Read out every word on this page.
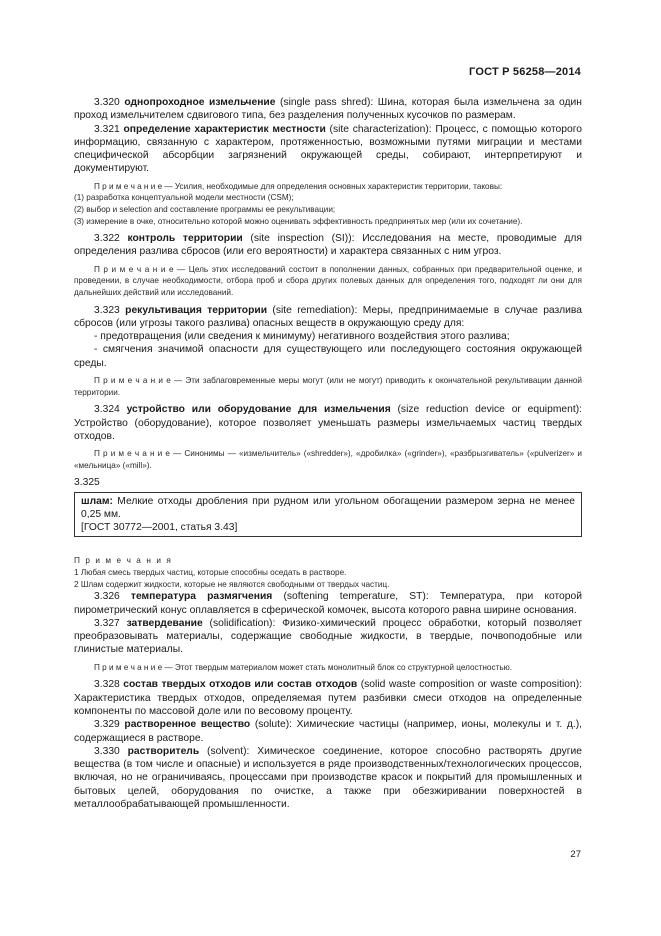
ГОСТ Р 56258—2014

3.320 однопроходное измельчение (single pass shred): Шина, которая была измельчена за один проход измельчителем сдвигового типа, без разделения полученных кусочков по размерам.

3.321 определение характеристик местности (site characterization): Процесс, с помощью которого информацию, связанную с характером, протяженностью, возможными путями миграции и местами специфической абсорбции загрязнений окружающей среды, собирают, интерпретируют и документируют.

П р и м е ч а н и е — Усилия, необходимые для определения основных характеристик территории, таковы:

(1) разработка концептуальной модели местности (CSM);

(2) выбор и selection and составление программы ее рекультивации;

(3) измерение в очке, относительно которой можно оценивать эффективность предпринятых мер (или их сочетание).

3.322 контроль территории (site inspection (SI)): Исследования на месте, проводимые для определения разлива сбросов (или его вероятности) и характера связанных с ним угроз.

П р и м е ч а н и е — Цель этих исследований состоит в пополнении данных, собранных при предварительной оценке, и проведении, в случае необходимости, отбора проб и сбора других полевых данных для определения того, подходят ли они для дальнейших действий или исследований.

3.323 рекультивация территории (site remediation): Меры, предпринимаемые в случае разлива сбросов (или угрозы такого разлива) опасных веществ в окружающую среду для:

- предотвращения (или сведения к минимуму) негативного воздействия этого разлива;

- смягчения значимой опасности для существующего или последующего состояния окружающей среды.

П р и м е ч а н и е — Эти заблаговременные меры могут (или не могут) приводить к окончательной рекультивации данной территории.

3.324 устройство или оборудование для измельчения (size reduction device or equipment): Устройство (оборудование), которое позволяет уменьшать размеры измельчаемых частиц твердых отходов.

П р и м е ч а н и е — Синонимы — «измельчитель» («shredder»), «дробилка» («grinder»), «разбрызгиватель» («pulverizer» и «мельница» («mill»).

3.325

шлам: Мелкие отходы дробления при рудном или угольном обогащении размером зерна не менее 0,25 мм.

[ГОСТ 30772—2001, статья 3.43]

П р и м е ч а н и я

1 Любая смесь твердых частиц, которые способны оседать в растворе.

2 Шлам содержит жидкости, которые не являются свободными от твердых частиц.

3.326 температура размягчения (softening temperature, ST): Температура, при которой пирометрический конус оплавляется в сферической комочек, высота которого равна ширине основания.

3.327 затвердевание (solidification): Физико-химический процесс обработки, который позволяет преобразовывать материалы, содержащие свободные жидкости, в твердые, почвоподобные или глинистые материалы.

П р и м е ч а н и е — Этот твердым материалом может стать монолитный блок со структурной целостностью.

3.328 состав твердых отходов или состав отходов (solid waste composition or waste composition): Характеристика твердых отходов, определяемая путем разбивки смеси отходов на определенные компоненты по массовой доле или по весовому проценту.

3.329 растворенное вещество (solute): Химические частицы (например, ионы, молекулы и т. д.), содержащиеся в растворе.

3.330 растворитель (solvent): Химическое соединение, которое способно растворять другие вещества (в том числе и опасные) и используется в ряде производственных/технологических процессов, включая, но не ограничиваясь, процессами при производстве красок и покрытий для промышленных и бытовых целей, оборудования по очистке, а также при обезжиривании поверхностей в металлообрабатывающей промышленности.

27
